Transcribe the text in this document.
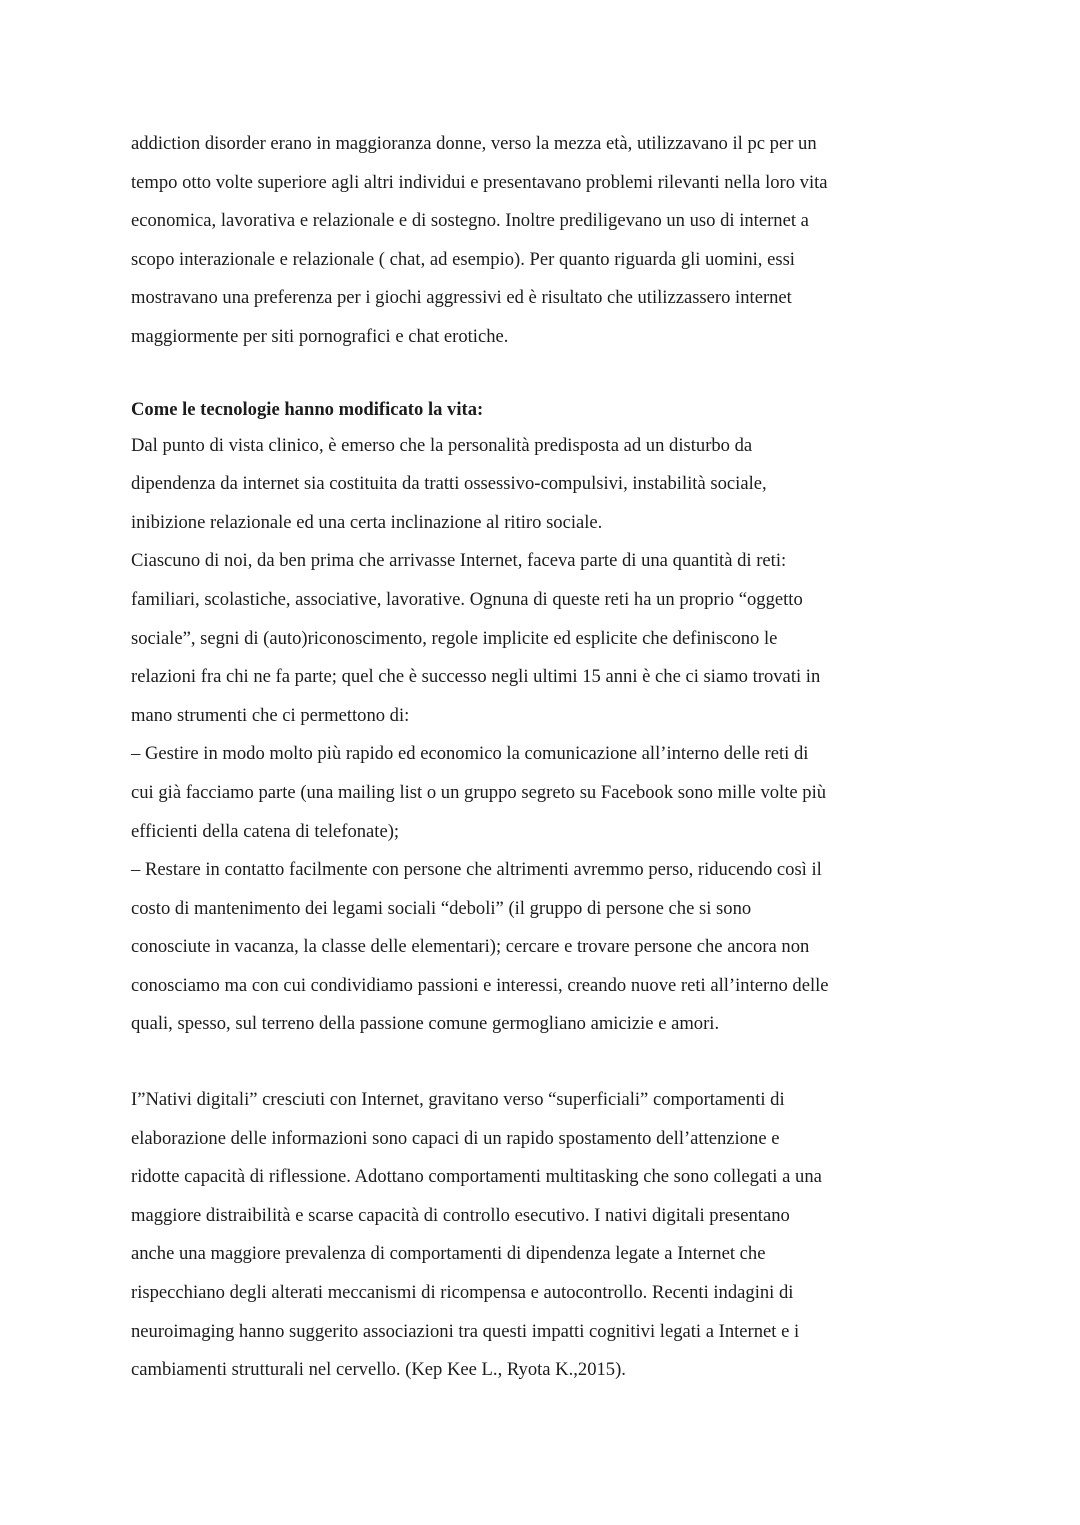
addiction disorder erano in maggioranza donne, verso la mezza età, utilizzavano il pc per un

tempo otto volte superiore agli altri individui e presentavano problemi rilevanti nella loro vita

economica, lavorativa e relazionale e di sostegno. Inoltre prediligevano un uso di internet a

scopo interazionale e relazionale ( chat, ad esempio). Per quanto riguarda gli uomini, essi

mostravano una preferenza per i giochi aggressivi ed è risultato che utilizzassero internet

maggiormente per siti pornografici e chat erotiche.

Come le tecnologie hanno modificato la vita:

Dal punto di vista clinico, è emerso che la personalità predisposta ad un disturbo da

dipendenza da internet sia costituita da tratti ossessivo-compulsivi, instabilità sociale,

inibizione relazionale ed una certa inclinazione al ritiro sociale.

Ciascuno di noi, da ben prima che arrivasse Internet, faceva parte di una quantità di reti:

familiari, scolastiche, associative, lavorative. Ognuna di queste reti ha un proprio “oggetto

sociale”, segni di (auto)riconoscimento, regole implicite ed esplicite che definiscono le

relazioni fra chi ne fa parte; quel che è successo negli ultimi 15 anni è che ci siamo trovati in

mano strumenti che ci permettono di:

– Gestire in modo molto più rapido ed economico la comunicazione all’interno delle reti di

cui già facciamo parte (una mailing list o un gruppo segreto su Facebook sono mille volte più

efficienti della catena di telefonate);

– Restare in contatto facilmente con persone che altrimenti avremmo perso, riducendo così il

costo di mantenimento dei legami sociali “deboli” (il gruppo di persone che si sono

conosciute in vacanza, la classe delle elementari); cercare e trovare persone che ancora non

conosciamo ma con cui condividiamo passioni e interessi, creando nuove reti all’interno delle

quali, spesso, sul terreno della passione comune germogliano amicizie e amori.

I”Nativi digitali” cresciuti con Internet, gravitano verso “superficiali” comportamenti di

elaborazione delle informazioni sono capaci di un rapido spostamento dell’attenzione e

ridotte capacità di riflessione. Adottano comportamenti multitasking che sono collegati a una

maggiore distraibilità e scarse capacità di controllo esecutivo. I nativi digitali presentano

anche una maggiore prevalenza di comportamenti di dipendenza legate a Internet che

rispecchiano degli alterati meccanismi di ricompensa e autocontrollo. Recenti indagini di

neuroimaging hanno suggerito associazioni tra questi impatti cognitivi legati a Internet e i

cambiamenti strutturali nel cervello. (Kep Kee L., Ryota K.,2015).
